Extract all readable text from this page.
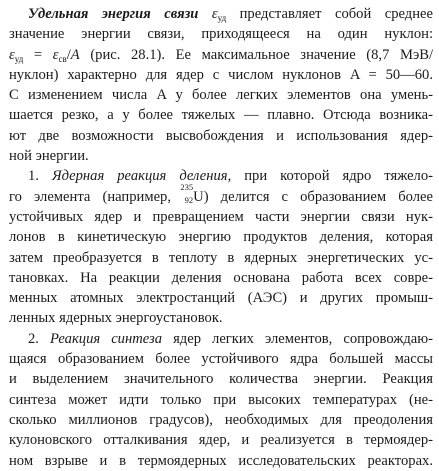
Удельная энергия связи $\varepsilon_{уд}$ представляет собой среднее
значение энергии связи, приходящееся на один нуклон:
$\varepsilon_{уд} = \varepsilon_{св}/A$ (рис. 28.1). Ее максимальное значение (8,7 МэВ/
нуклон) характерно для ядер с числом нуклонов A = 50—60.
С изменением числа A у более легких элементов она умень-
шается резко, а у более тяжелых — плавно. Отсюда возника-
ют две возможности высвобождения и использования ядер-
ной энергии.
1. Ядерная реакция деления, при которой ядро тяжело-
го элемента (например,
235
92 U) делится с образованием более
устойчивых ядер и превращением части энергии связи нук-
лонов в кинетическую энергию продуктов деления, которая
затем преобразуется в теплоту в ядерных энергетических ус-
тановках. На реакции деления основана работа всех совре-
менных атомных электростанций (АЭС) и других промыш-
ленных ядерных энергоустановок.
2. Реакция синтеза ядер легких элементов, сопровождаю-
щаяся образованием более устойчивого ядра большей массы
и выделением значительного количества энергии. Реакция
синтеза может идти только при высоких температурах (не-
сколько миллионов градусов), необходимых для преодоления
кулоновского отталкивания ядер, и реализуется в термоядер-
ном взрыве и в термоядерных исследовательских реакторах.
